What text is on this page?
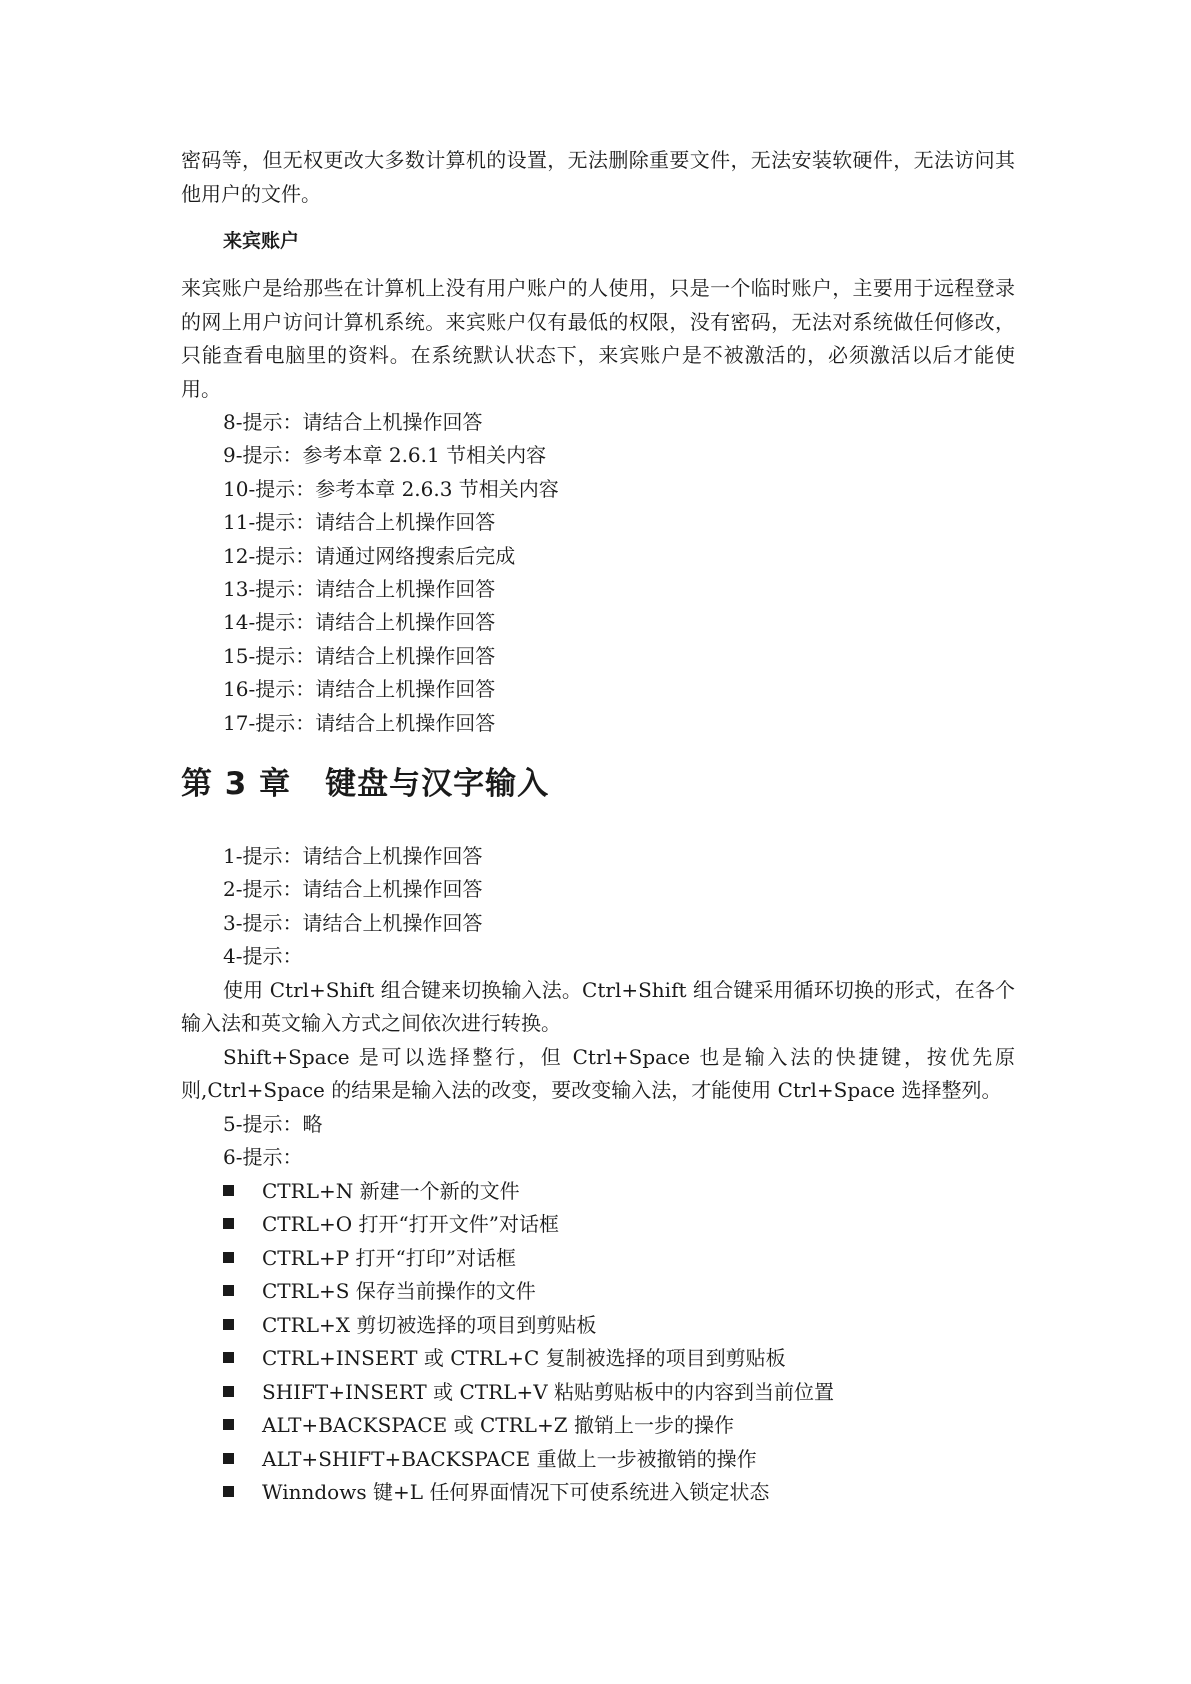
密码等，但无权更改大多数计算机的设置，无法删除重要文件，无法安装软硬件，无法访问其他用户的文件。

来宾账户

来宾账户是给那些在计算机上没有用户账户的人使用，只是一个临时账户，主要用于远程登录的网上用户访问计算机系统。来宾账户仅有最低的权限，没有密码，无法对系统做任何修改，只能查看电脑里的资料。在系统默认状态下，来宾账户是不被激活的，必须激活以后才能使用。

8-提示：请结合上机操作回答

9-提示：参考本章 2.6.1 节相关内容

10-提示：参考本章 2.6.3 节相关内容

11-提示：请结合上机操作回答

12-提示：请通过网络搜索后完成

13-提示：请结合上机操作回答

14-提示：请结合上机操作回答

15-提示：请结合上机操作回答

16-提示：请结合上机操作回答

17-提示：请结合上机操作回答

第 3 章 键盘与汉字输入

1-提示：请结合上机操作回答

2-提示：请结合上机操作回答

3-提示：请结合上机操作回答

4-提示：

使用 Ctrl+Shift 组合键来切换输入法。Ctrl+Shift 组合键采用循环切换的形式，在各个输入法和英文输入方式之间依次进行转换。

Shift+Space 是可以选择整行，但 Ctrl+Space 也是输入法的快捷键，按优先原则,Ctrl+Space 的结果是输入法的改变，要改变输入法，才能使用 Ctrl+Space 选择整列。

5-提示：略

6-提示：

CTRL+N 新建一个新的文件
CTRL+O 打开“打开文件”对话框
CTRL+P 打开“打印”对话框
CTRL+S 保存当前操作的文件
CTRL+X 剪切被选择的项目到剪贴板
CTRL+INSERT 或 CTRL+C 复制被选择的项目到剪贴板
SHIFT+INSERT 或 CTRL+V 粘贴剪贴板中的内容到当前位置
ALT+BACKSPACE 或 CTRL+Z 撤销上一步的操作
ALT+SHIFT+BACKSPACE 重做上一步被撤销的操作
Winndows 键+L 任何界面情况下可使系统进入锁定状态
